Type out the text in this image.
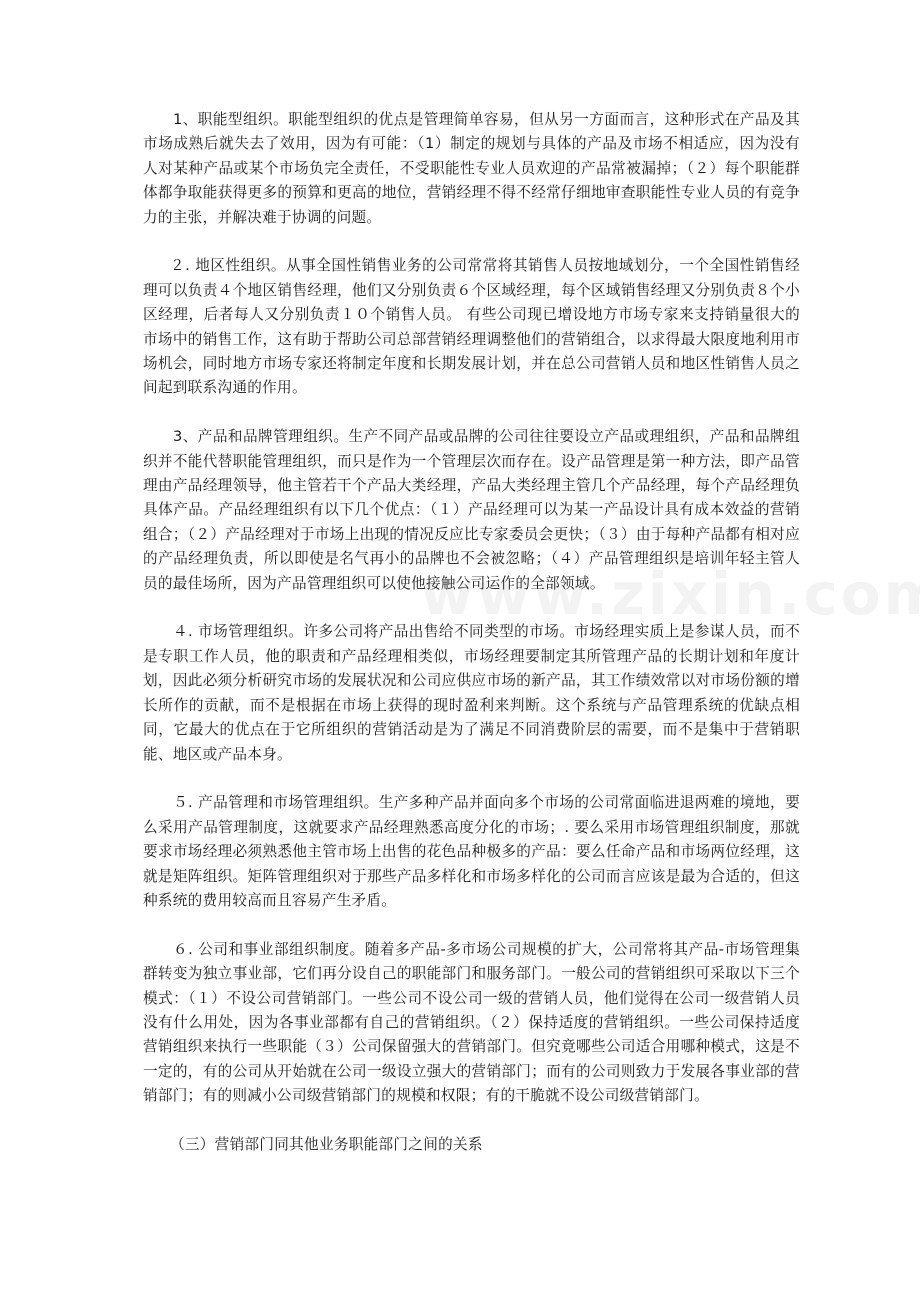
1、职能型组织。职能型组织的优点是管理简单容易，但从另一方面而言，这种形式在产品及其市场成熟后就失去了效用，因为有可能：（1）制定的规划与具体的产品及市场不相适应，因为没有人对某种产品或某个市场负完全责任，不受职能性专业人员欢迎的产品常被漏掉；（２）每个职能群体都争取能获得更多的预算和更高的地位，营销经理不得不经常仔细地审查职能性专业人员的有竞争力的主张，并解决难于协调的问题。

２. 地区性组织。从事全国性销售业务的公司常常将其销售人员按地域划分，一个全国性销售经理可以负责４个地区销售经理，他们又分别负责６个区域经理，每个区域销售经理又分别负责８个小区经理，后者每人又分别负责１０个销售人员。 有些公司现已增设地方市场专家来支持销量很大的市场中的销售工作，这有助于帮助公司总部营销经理调整他们的营销组合，以求得最大限度地利用市场机会，同时地方市场专家还将制定年度和长期发展计划，并在总公司营销人员和地区性销售人员之间起到联系沟通的作用。

3、产品和品牌管理组织。生产不同产品或品牌的公司往往要设立产品或理组织，产品和品牌组织并不能代替职能管理组织，而只是作为一个管理层次而存在。设产品管理是第一种方法，即产品管理由产品经理领导，他主管若干个产品大类经理，产品大类经理主管几个产品经理，每个产品经理负具体产品。产品经理组织有以下几个优点：（１）产品经理可以为某一产品设计具有成本效益的营销组合；（２）产品经理对于市场上出现的情况反应比专家委员会更快；（３）由于每种产品都有相对应的产品经理负责，所以即使是名气再小的品牌也不会被忽略；（４）产品管理组织是培训年轻主管人员的最佳场所，因为产品管理组织可以使他接触公司运作的全部领域。

４. 市场管理组织。许多公司将产品出售给不同类型的市场。市场经理实质上是参谋人员，而不是专职工作人员，他的职责和产品经理相类似，市场经理要制定其所管理产品的长期计划和年度计划，因此必须分析研究市场的发展状况和公司应供应市场的新产品，其工作绩效常以对市场份额的增长所作的贡献，而不是根据在市场上获得的现时盈利来判断。这个系统与产品管理系统的优缺点相同，它最大的优点在于它所组织的营销活动是为了满足不同消费阶层的需要，而不是集中于营销职能、地区或产品本身。

５. 产品管理和市场管理组织。生产多种产品并面向多个市场的公司常面临进退两难的境地，要么采用产品管理制度，这就要求产品经理熟悉高度分化的市场；. 要么采用市场管理组织制度，那就要求市场经理必须熟悉他主管市场上出售的花色品种极多的产品：要么任命产品和市场两位经理，这就是矩阵组织。矩阵管理组织对于那些产品多样化和市场多样化的公司而言应该是最为合适的，但这种系统的费用较高而且容易产生矛盾。

６. 公司和事业部组织制度。随着多产品-多市场公司规模的扩大，公司常将其产品-市场管理集群转变为独立事业部，它们再分设自己的职能部门和服务部门。一般公司的营销组织可采取以下三个模式：（１）不设公司营销部门。一些公司不设公司一级的营销人员，他们觉得在公司一级营销人员没有什么用处，因为各事业部都有自己的营销组织。（２）保持适度的营销组织。一些公司保持适度营销组织来执行一些职能（３）公司保留强大的营销部门。但究竟哪些公司适合用哪种模式，这是不一定的，有的公司从开始就在公司一级设立强大的营销部门；而有的公司则致力于发展各事业部的营销部门；有的则减小公司级营销部门的规模和权限；有的干脆就不设公司级营销部门。

（三）营销部门同其他业务职能部门之间的关系
